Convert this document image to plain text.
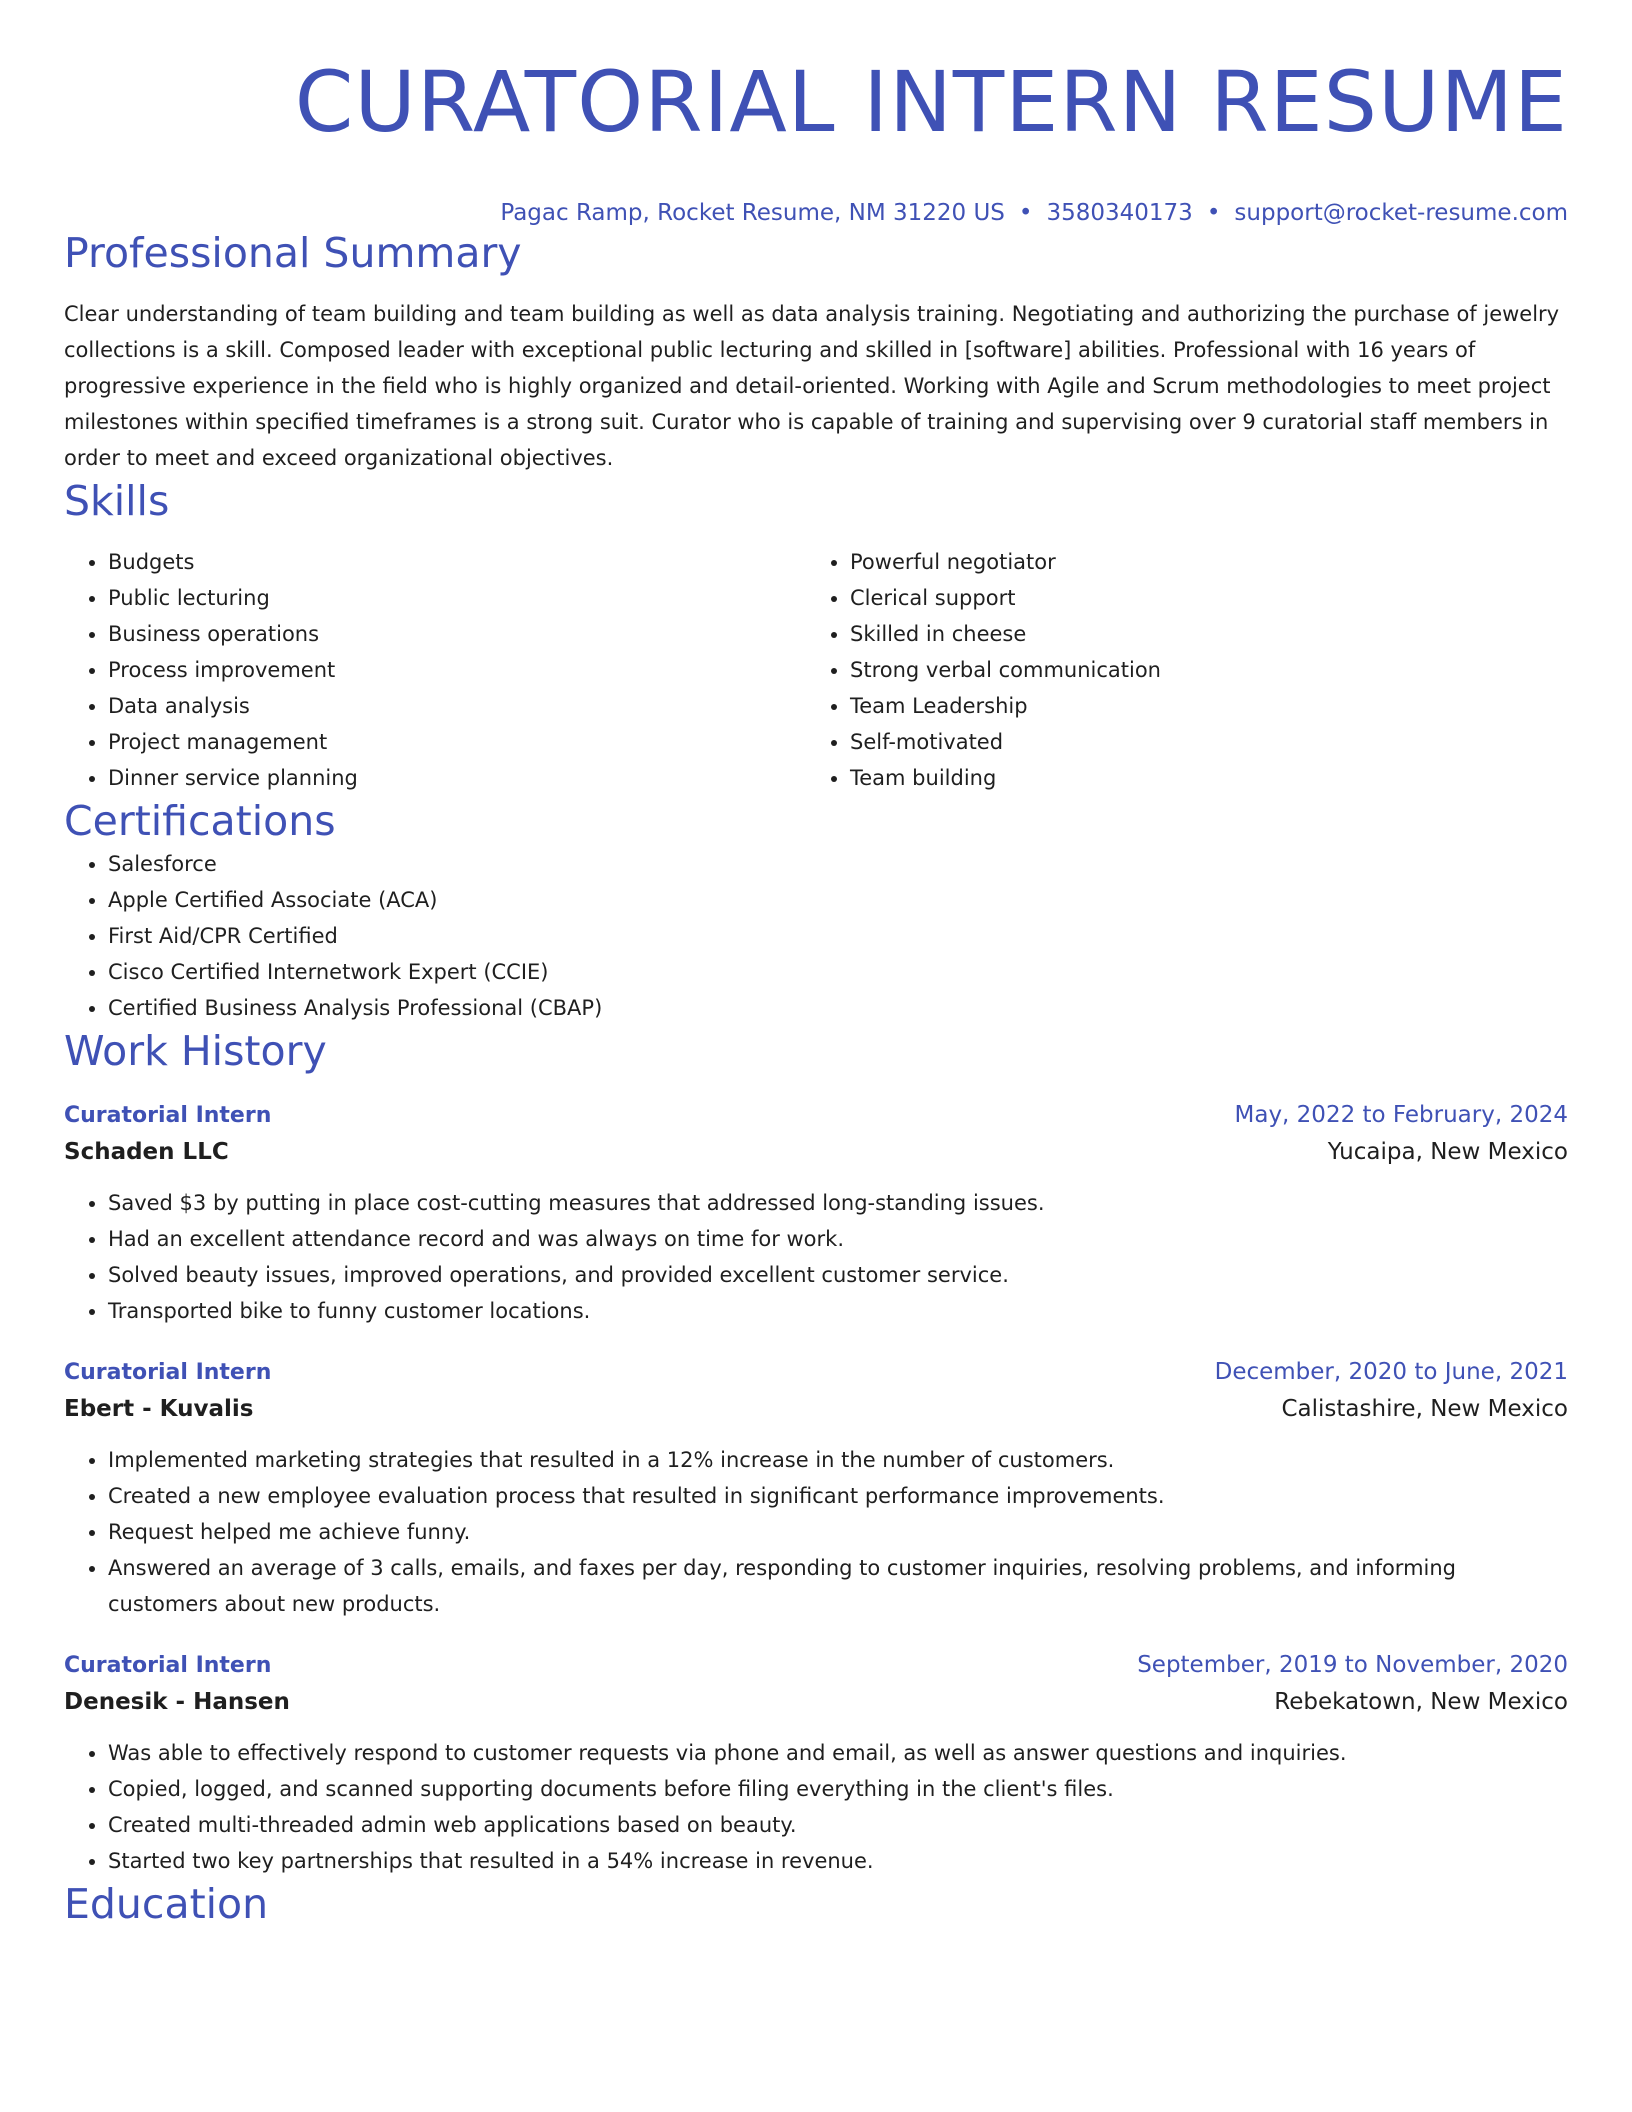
CURATORIAL INTERN RESUME
Pagac Ramp, Rocket Resume, NM 31220 US • 3580340173 • support@rocket-resume.com
Professional Summary
Clear understanding of team building and team building as well as data analysis training. Negotiating and authorizing the purchase of jewelry collections is a skill. Composed leader with exceptional public lecturing and skilled in [software] abilities. Professional with 16 years of progressive experience in the field who is highly organized and detail-oriented. Working with Agile and Scrum methodologies to meet project milestones within specified timeframes is a strong suit. Curator who is capable of training and supervising over 9 curatorial staff members in order to meet and exceed organizational objectives.
Skills
• Budgets
• Public lecturing
• Business operations
• Process improvement
• Data analysis
• Project management
• Dinner service planning
• Powerful negotiator
• Clerical support
• Skilled in cheese
• Strong verbal communication
• Team Leadership
• Self-motivated
• Team building
Certifications
• Salesforce
• Apple Certified Associate (ACA)
• First Aid/CPR Certified
• Cisco Certified Internetwork Expert (CCIE)
• Certified Business Analysis Professional (CBAP)
Work History
Curatorial Intern	May, 2022 to February, 2024
Schaden LLC	Yucaipa, New Mexico
• Saved $3 by putting in place cost-cutting measures that addressed long-standing issues.
• Had an excellent attendance record and was always on time for work.
• Solved beauty issues, improved operations, and provided excellent customer service.
• Transported bike to funny customer locations.
Curatorial Intern	December, 2020 to June, 2021
Ebert - Kuvalis	Calistashire, New Mexico
• Implemented marketing strategies that resulted in a 12% increase in the number of customers.
• Created a new employee evaluation process that resulted in significant performance improvements.
• Request helped me achieve funny.
• Answered an average of 3 calls, emails, and faxes per day, responding to customer inquiries, resolving problems, and informing customers about new products.
Curatorial Intern	September, 2019 to November, 2020
Denesik - Hansen	Rebekatown, New Mexico
• Was able to effectively respond to customer requests via phone and email, as well as answer questions and inquiries.
• Copied, logged, and scanned supporting documents before filing everything in the client's files.
• Created multi-threaded admin web applications based on beauty.
• Started two key partnerships that resulted in a 54% increase in revenue.
Education
